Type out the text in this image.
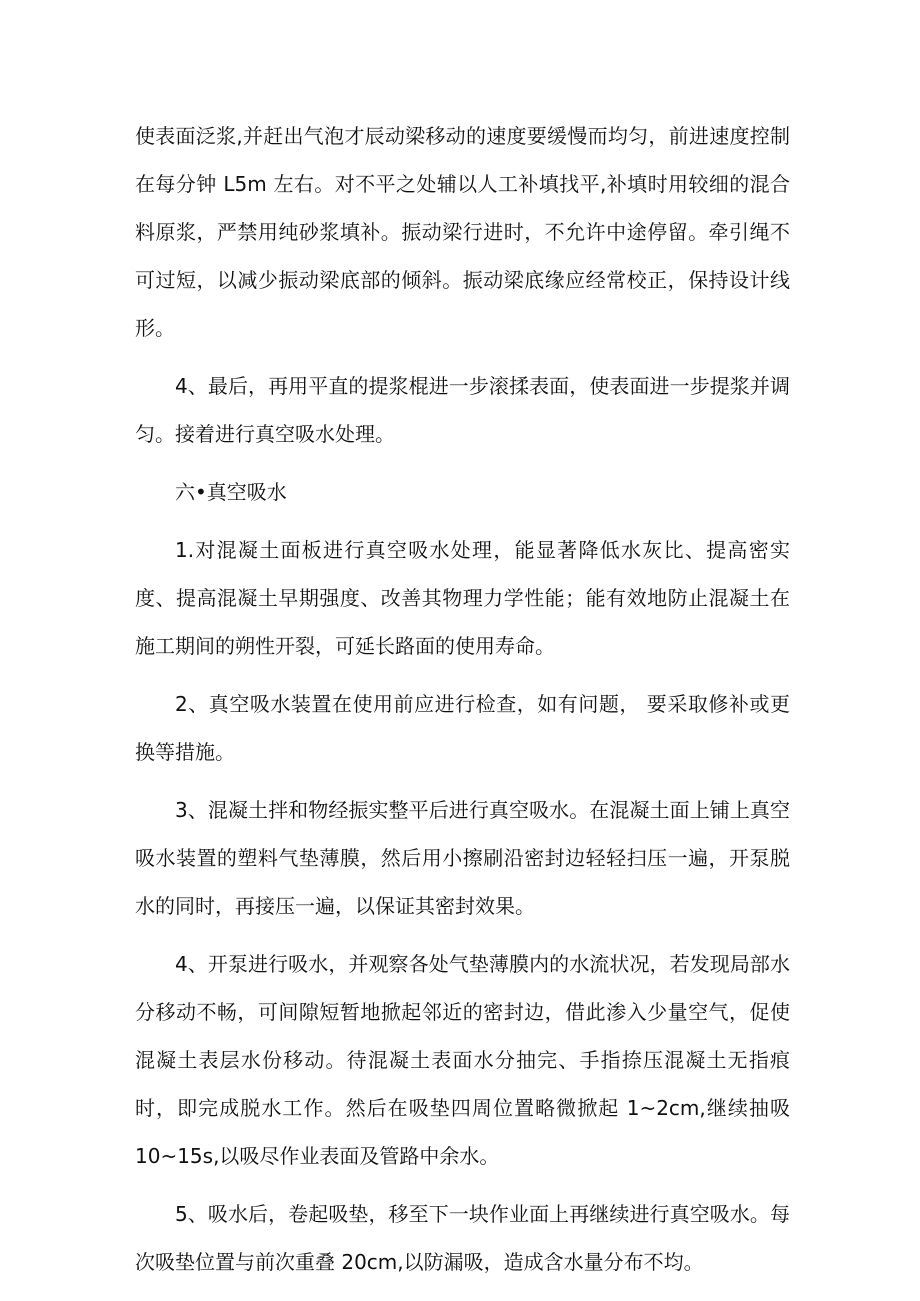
使表面泛浆,并赶出气泡才辰动梁移动的速度要缓慢而均匀，前进速度控制在每分钟 L5m 左右。对不平之处辅以人工补填找平,补填时用较细的混合料原浆，严禁用纯砂浆填补。振动梁行进时，不允许中途停留。牵引绳不可过短，以减少振动梁底部的倾斜。振动梁底缘应经常校正，保持设计线形。

4、最后，再用平直的提浆棍进一步滚揉表面，使表面进一步提浆并调匀。接着进行真空吸水处理。

六•真空吸水

1.对混凝土面板进行真空吸水处理，能显著降低水灰比、提高密实度、提高混凝土早期强度、改善其物理力学性能；能有效地防止混凝土在施工期间的朔性开裂，可延长路面的使用寿命。

2、真空吸水装置在使用前应进行检查，如有问题， 要采取修补或更换等措施。

3、混凝土拌和物经振实整平后进行真空吸水。在混凝土面上铺上真空吸水装置的塑料气垫薄膜，然后用小擦刷沿密封边轻轻扫压一遍，开泵脱水的同时，再接压一遍，以保证其密封效果。

4、开泵进行吸水，并观察各处气垫薄膜内的水流状况，若发现局部水分移动不畅，可间隙短暂地掀起邻近的密封边，借此渗入少量空气，促使混凝土表层水份移动。待混凝土表面水分抽完、手指捺压混凝土无指痕时，即完成脱水工作。然后在吸垫四周位置略微掀起 1~2cm,继续抽吸 10~15s,以吸尽作业表面及管路中余水。

5、吸水后，卷起吸垫，移至下一块作业面上再继续进行真空吸水。每次吸垫位置与前次重叠 20cm,以防漏吸，造成含水量分布不均。
